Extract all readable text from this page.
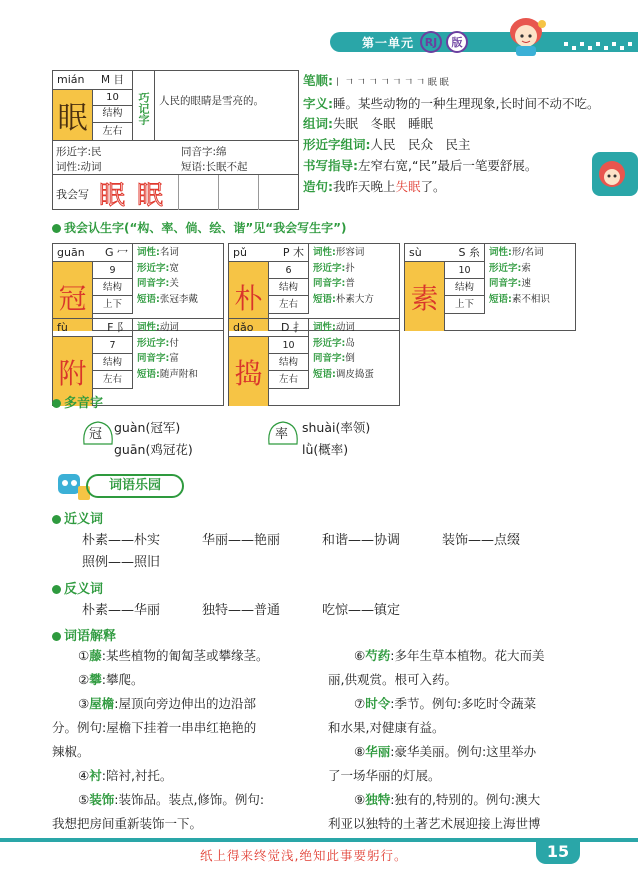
第一单元 RJ	版
mián	M 目
眠
10
结构
左右
巧记字 人民的眼睛是雪亮的。
形近字:民	同音字:绵
词性:动词	短语:长眠不起
我会写 眠 眠
笔顺:丨 𠃍 𠃍 𠃍 𠃍 𠃍 𠃍 𠃍 眠 眠
字义:睡。某些动物的一种生理现象,长时间不动不吃。
组词:失眠　冬眠　睡眠
形近字组词:人民　民众　民主
书写指导:左窄右宽,“民”最后一笔要舒展。
造句:我昨天晚上失眠了。
我会认生字(“构、率、倘、绘、谐”见“我会写生字”)
guān G 冖
冠
9
结构
上下
词性:名词
形近字:宽
同音字:关
短语:张冠李戴
pǔ	P 木
朴
6
结构
左右
词性:形容词
形近字:扑
同音字:普
短语:朴素大方
sù	S 糸
素
10
结构
上下
词性:形/名词
形近字:索
同音字:速
短语:素不相识
fù	F 阝
附
7
结构
左右
词性:动词
形近字:付
同音字:富
短语:随声附和
dǎo	D 扌
捣
10
结构
左右
词性:动词
形近字:岛
同音字:倒
短语:调皮捣蛋
多音字
冠 guàn(冠军)
guān(鸡冠花)
率 shuài(率领)
lǜ(概率)
词语乐园
近义词
朴素——朴实	华丽——艳丽	和谐——协调	装饰——点缀
照例——照旧
反义词
朴素——华丽	独特——普通	吃惊——镇定
词语解释
①藤:某些植物的匍匐茎或攀缘茎。
②攀:攀爬。
③屋檐:屋顶向旁边伸出的边沿部
分。例句:屋檐下挂着一串串红艳艳的
辣椒。
④衬:陪衬,衬托。
⑤装饰:装饰品。装点,修饰。例句:
我想把房间重新装饰一下。
⑥芍药:多年生草本植物。花大而美
丽,供观赏。根可入药。
⑦时令:季节。例句:多吃时令蔬菜
和水果,对健康有益。
⑧华丽:豪华美丽。例句:这里举办
了一场华丽的灯展。
⑨独特:独有的,特别的。例句:澳大
利亚以独特的土著艺术展迎接上海世博
纸上得来终觉浅,绝知此事要躬行。	15
